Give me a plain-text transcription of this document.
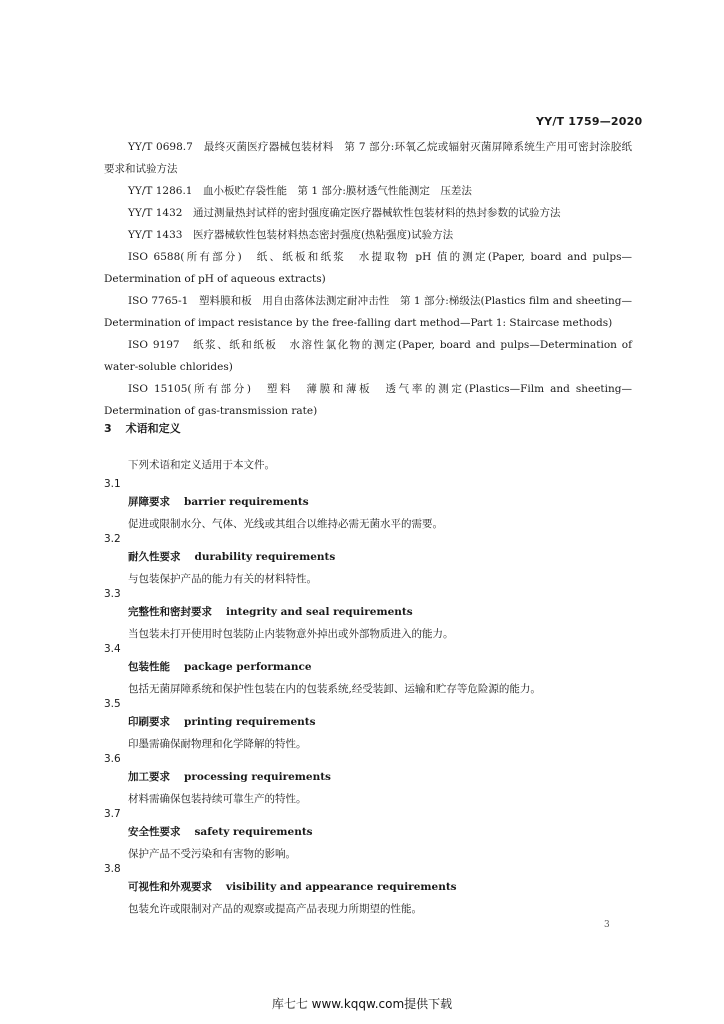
YY/T 1759—2020
YY/T 0698.7　最终灭菌医疗器械包装材料　第 7 部分:环氧乙烷或辐射灭菌屏障系统生产用可密封涂胶纸　要求和试验方法
YY/T 1286.1　血小板贮存袋性能　第 1 部分:膜材透气性能测定　压差法
YY/T 1432　通过测量热封试样的密封强度确定医疗器械软性包装材料的热封参数的试验方法
YY/T 1433　医疗器械软性包装材料热态密封强度(热粘强度)试验方法
ISO 6588(所有部分)　纸、纸板和纸浆　水提取物 pH 值的测定(Paper, board and pulps—Determination of pH of aqueous extracts)
ISO 7765-1　塑料膜和板　用自由落体法测定耐冲击性　第 1 部分:梯级法(Plastics film and sheeting—Determination of impact resistance by the free-falling dart method—Part 1: Staircase methods)
ISO 9197　纸浆、纸和纸板　水溶性氯化物的测定(Paper, board and pulps—Determination of water-soluble chlorides)
ISO 15105(所有部分)　塑料　薄膜和薄板　透气率的测定(Plastics—Film and sheeting—Determination of gas-transmission rate)
3 术语和定义
下列术语和定义适用于本文件。
3.1
屏障要求 barrier requirements
促进或限制水分、气体、光线或其组合以维持必需无菌水平的需要。
3.2
耐久性要求 durability requirements
与包装保护产品的能力有关的材料特性。
3.3
完整性和密封要求 integrity and seal requirements
当包装未打开使用时包装防止内装物意外掉出或外部物质进入的能力。
3.4
包装性能 package performance
包括无菌屏障系统和保护性包装在内的包装系统,经受装卸、运输和贮存等危险源的能力。
3.5
印刷要求 printing requirements
印墨需确保耐物理和化学降解的特性。
3.6
加工要求 processing requirements
材料需确保包装持续可靠生产的特性。
3.7
安全性要求 safety requirements
保护产品不受污染和有害物的影响。
3.8
可视性和外观要求 visibility and appearance requirements
包装允许或限制对产品的观察或提高产品表现力所期望的性能。
3
库七七 www.kqqw.com提供下载
